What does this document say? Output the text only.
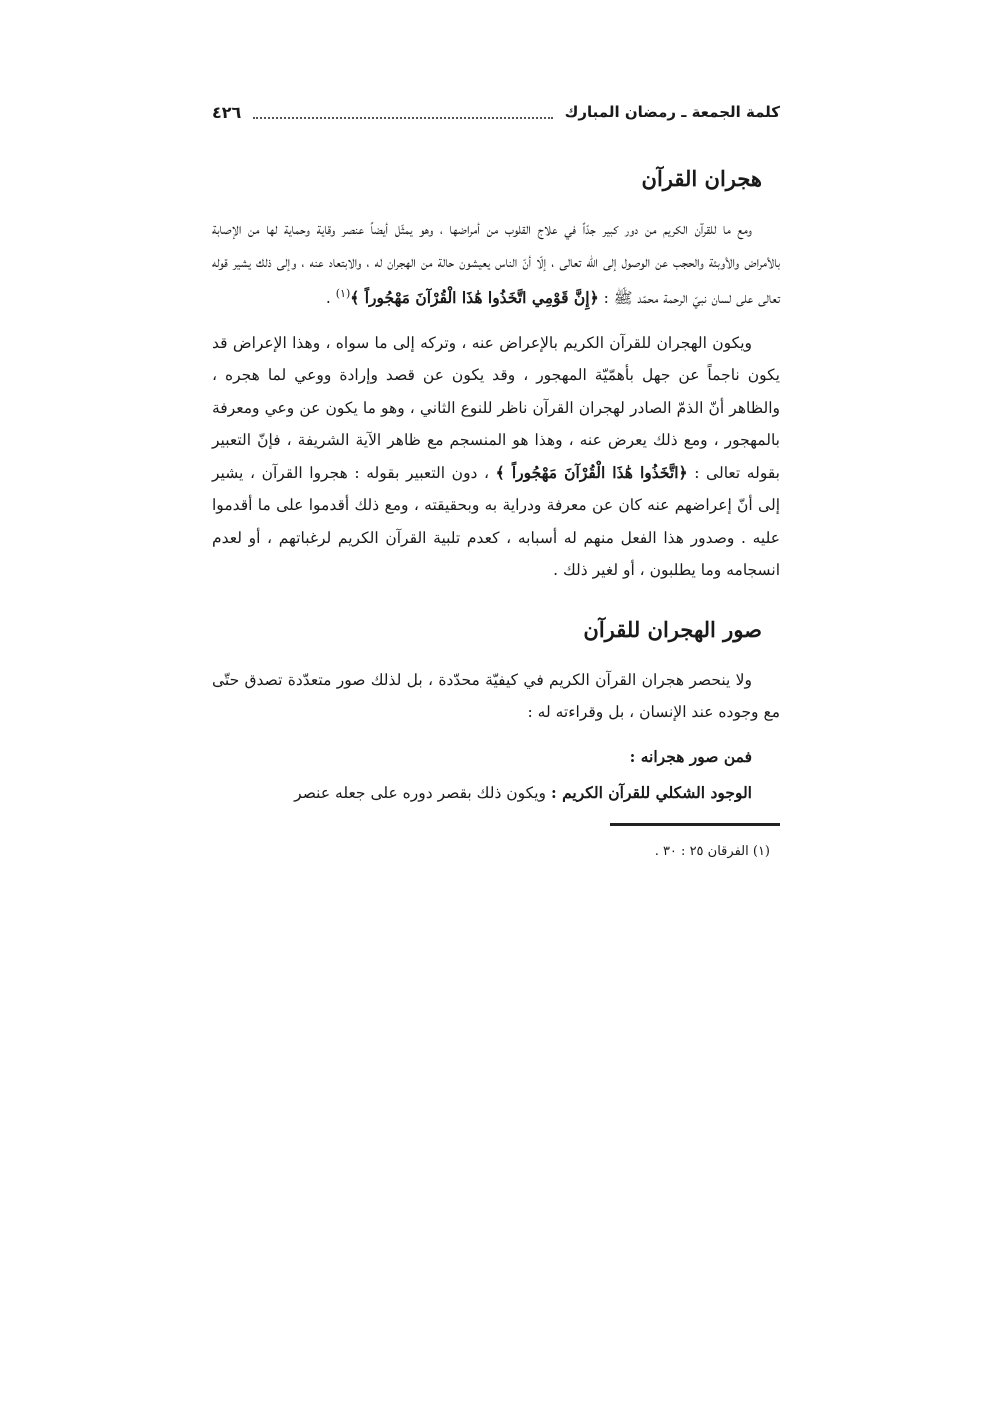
كلمة الجمعة ـ رمضان المبارك
٤٢٦
هجران القرآن

ومع ما للقرآن الكريم من دور كبير جدّاً في علاج القلوب من أمراضها ، وهو يمثّل أيضاً عنصر وقاية وحماية لها من الإصابة بالأمراض والأوبئة والحجب عن الوصول إلى الله تعالى ، إلّا أنّ الناس يعيشون حالة من الهجران له ، والابتعاد عنه ، وإلى ذلك يشير قوله تعالى على لسان نبيّ الرحمة محمّد ﷺ : ﴿إِنَّ قَوْمِي اتَّخَذُوا هَٰذَا الْقُرْآنَ مَهْجُوراً ﴾$^{(١)}$ .

ويكون الهجران للقرآن الكريم بالإعراض عنه ، وتركه إلى ما سواه ، وهذا الإعراض قد يكون ناجماً عن جهل بأهمّيّة المهجور ، وقد يكون عن قصد وإرادة ووعي لما هجره ، والظاهر أنّ الذمّ الصادر لهجران القرآن ناظر للنوع الثاني ، وهو ما يكون عن وعي ومعرفة بالمهجور ، ومع ذلك يعرض عنه ، وهذا هو المنسجم مع ظاهر الآية الشريفة ، فإنّ التعبير بقوله تعالى : ﴿اتَّخَذُوا هَٰذَا الْقُرْآنَ مَهْجُوراً ﴾ ، دون التعبير بقوله : هجروا القرآن ، يشير إلى أنّ إعراضهم عنه كان عن معرفة ودراية به وبحقيقته ، ومع ذلك أقدموا على ما أقدموا عليه . وصدور هذا الفعل منهم له أسبابه ، كعدم تلبية القرآن الكريم لرغباتهم ، أو لعدم انسجامه وما يطلبون ، أو لغير ذلك .

صور الهجران للقرآن

ولا ينحصر هجران القرآن الكريم في كيفيّة محدّدة ، بل لذلك صور متعدّدة تصدق حتّى مع وجوده عند الإنسان ، بل وقراءته له :

فمن صور هجرانه :

الوجود الشكلي للقرآن الكريم : ويكون ذلك بقصر دوره على جعله عنصر

(١) الفرقان ٢٥ : ٣٠ .
